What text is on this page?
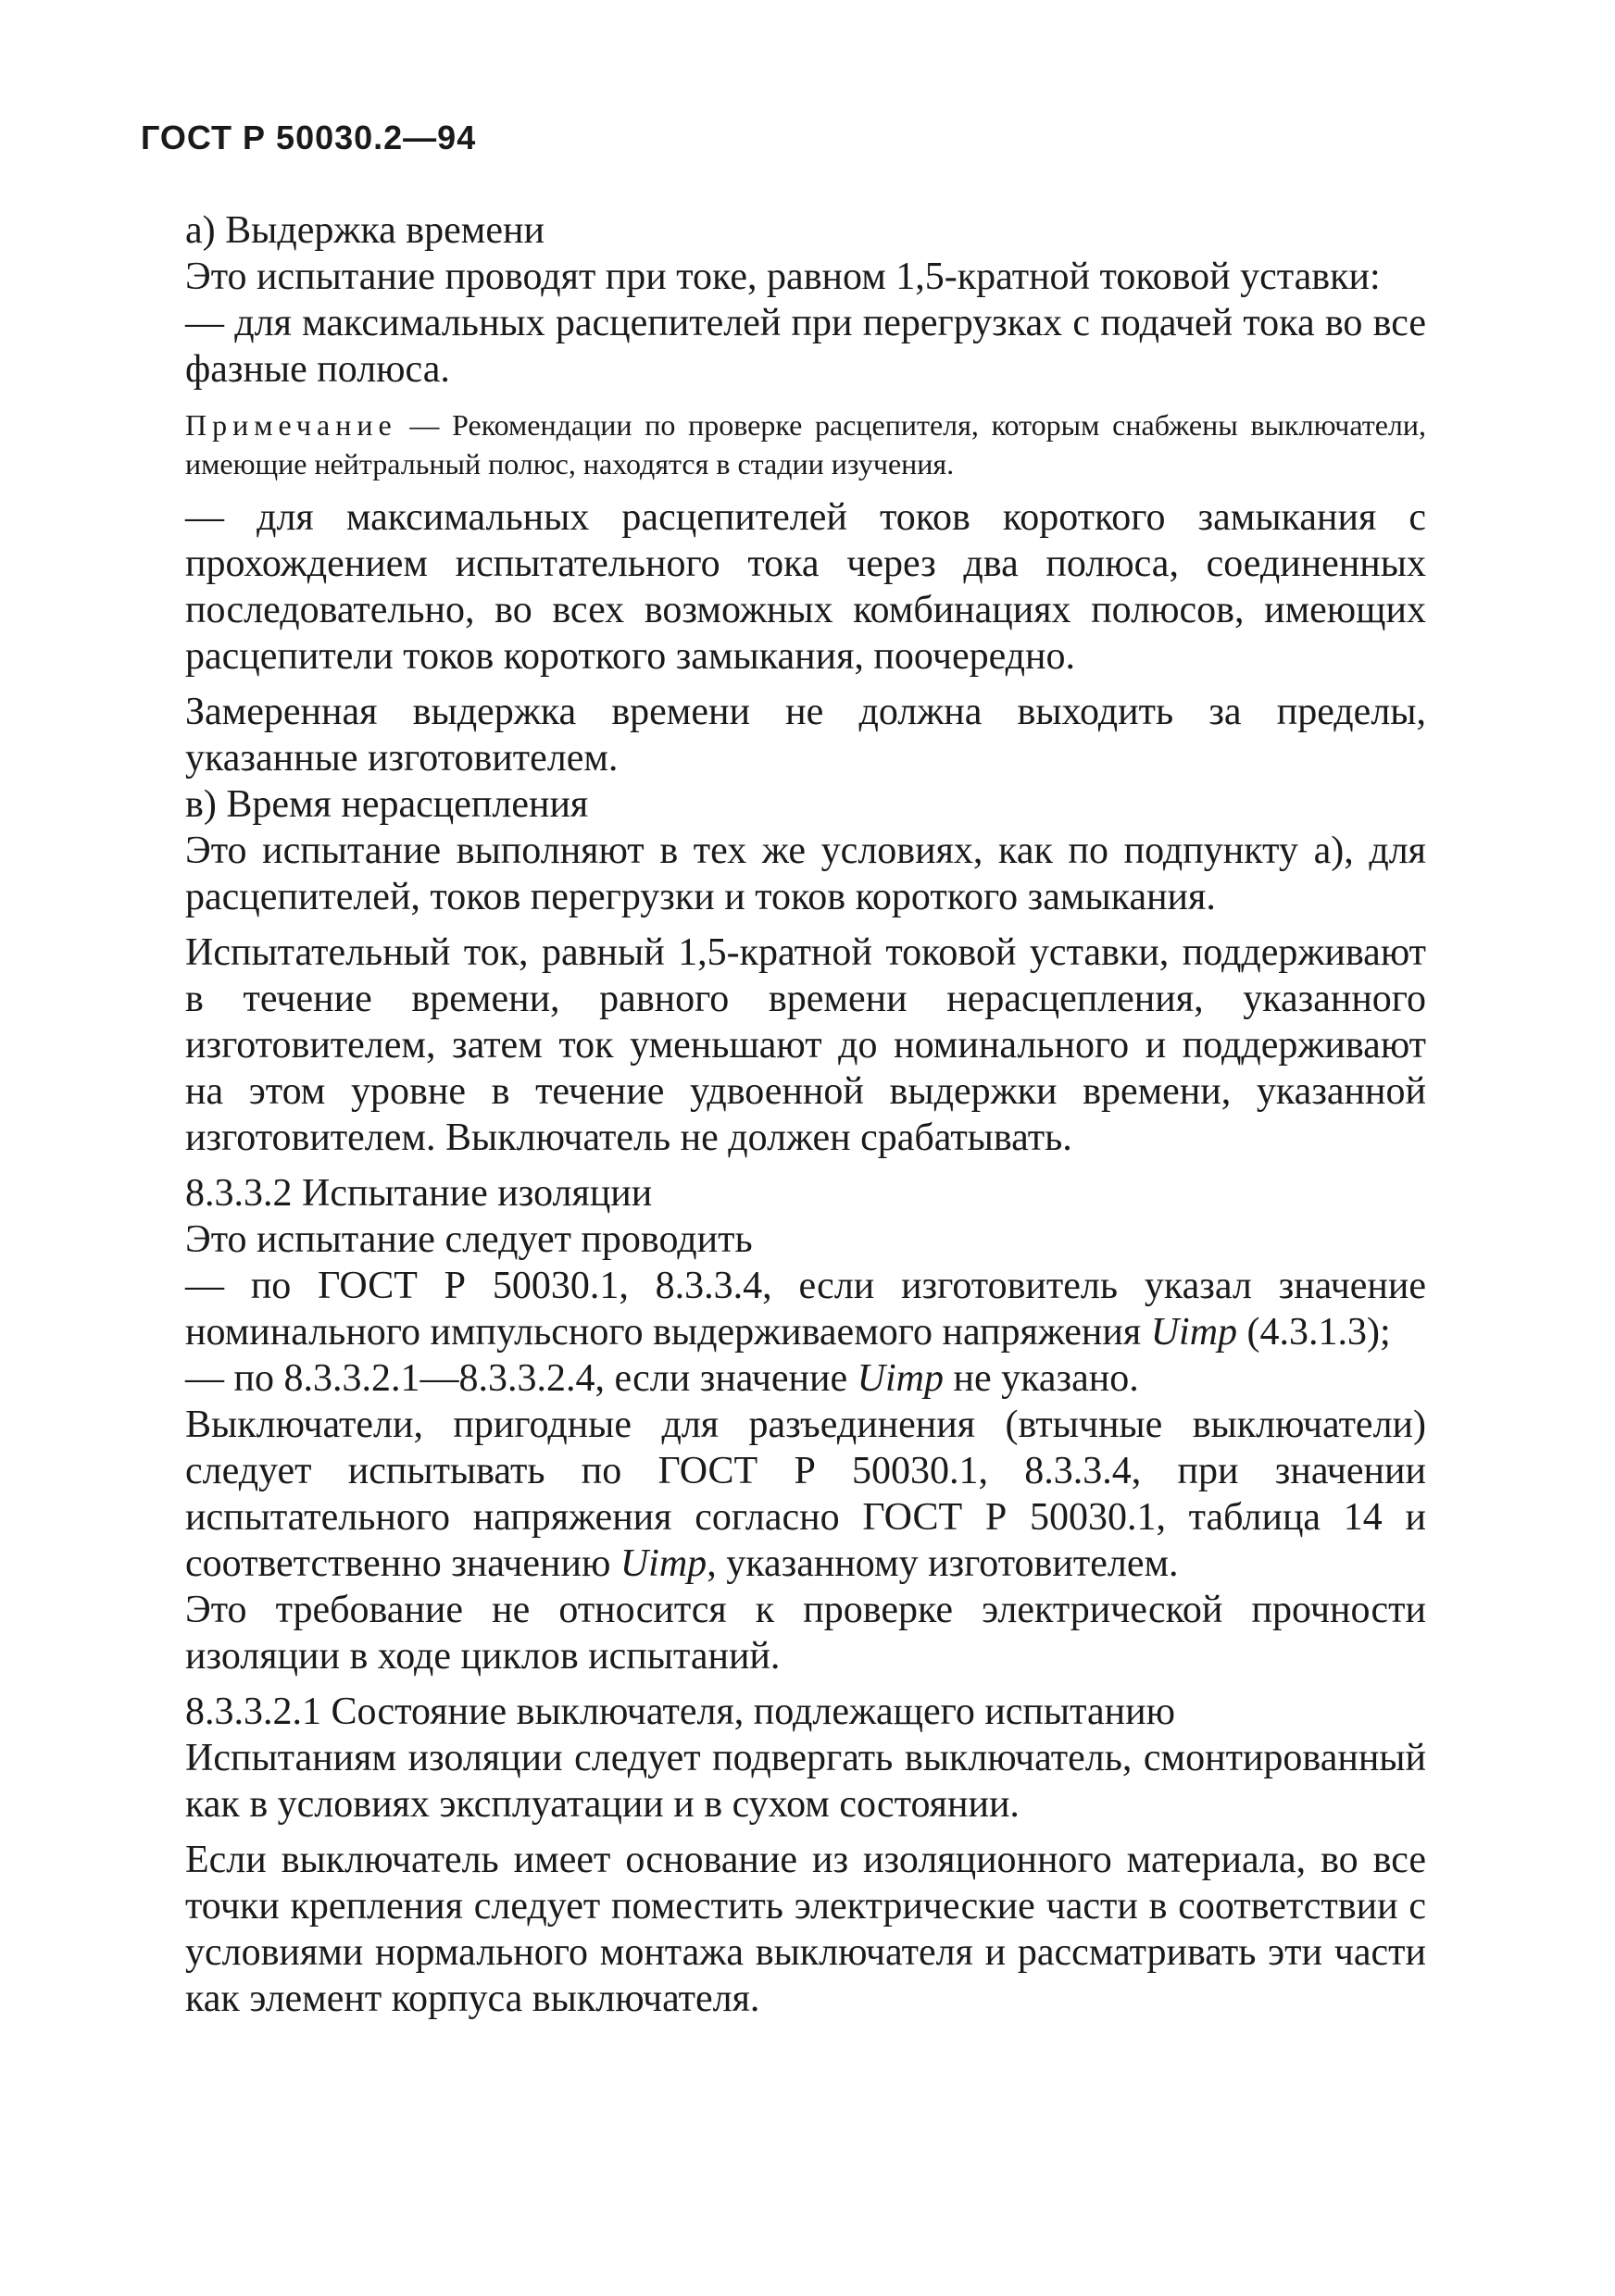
ГОСТ Р 50030.2—94

а) Выдержка времени

Это испытание проводят при токе, равном 1,5-кратной токовой уставки:

— для максимальных расцепителей при перегрузках с подачей тока во все фазные полюса.

Примечание — Рекомендации по проверке расцепителя, которым снабжены выключатели, имеющие нейтральный полюс, находятся в стадии изучения.

— для максимальных расцепителей токов короткого замыкания с прохождением испытательного тока через два полюса, соединенных последовательно, во всех возможных комбинациях полюсов, имеющих расцепители токов короткого замыкания, поочередно.

Замеренная выдержка времени не должна выходить за пределы, указанные изготовителем.

в) Время нерасцепления

Это испытание выполняют в тех же условиях, как по подпункту а), для расцепителей, токов перегрузки и токов короткого замыкания.

Испытательный ток, равный 1,5-кратной токовой уставки, поддерживают в течение времени, равного времени нерасцепления, указанного изготовителем, затем ток уменьшают до номинального и поддерживают на этом уровне в течение удвоенной выдержки времени, указанной изготовителем. Выключатель не должен срабатывать.

8.3.3.2 Испытание изоляции

Это испытание следует проводить

— по ГОСТ Р 50030.1, 8.3.3.4, если изготовитель указал значение номинального импульсного выдерживаемого напряжения Uimp (4.3.1.3);

— по 8.3.3.2.1—8.3.3.2.4, если значение Uimp не указано.

Выключатели, пригодные для разъединения (втычные выключатели) следует испытывать по ГОСТ Р 50030.1, 8.3.3.4, при значении испытательного напряжения согласно ГОСТ Р 50030.1, таблица 14 и соответственно значению Uimp, указанному изготовителем.

Это требование не относится к проверке электрической прочности изоляции в ходе циклов испытаний.

8.3.3.2.1 Состояние выключателя, подлежащего испытанию

Испытаниям изоляции следует подвергать выключатель, смонтированный как в условиях эксплуатации и в сухом состоянии.

Если выключатель имеет основание из изоляционного материала, во все точки крепления следует поместить электрические части в соответствии с условиями нормального монтажа выключателя и рассматривать эти части как элемент корпуса выключателя.
